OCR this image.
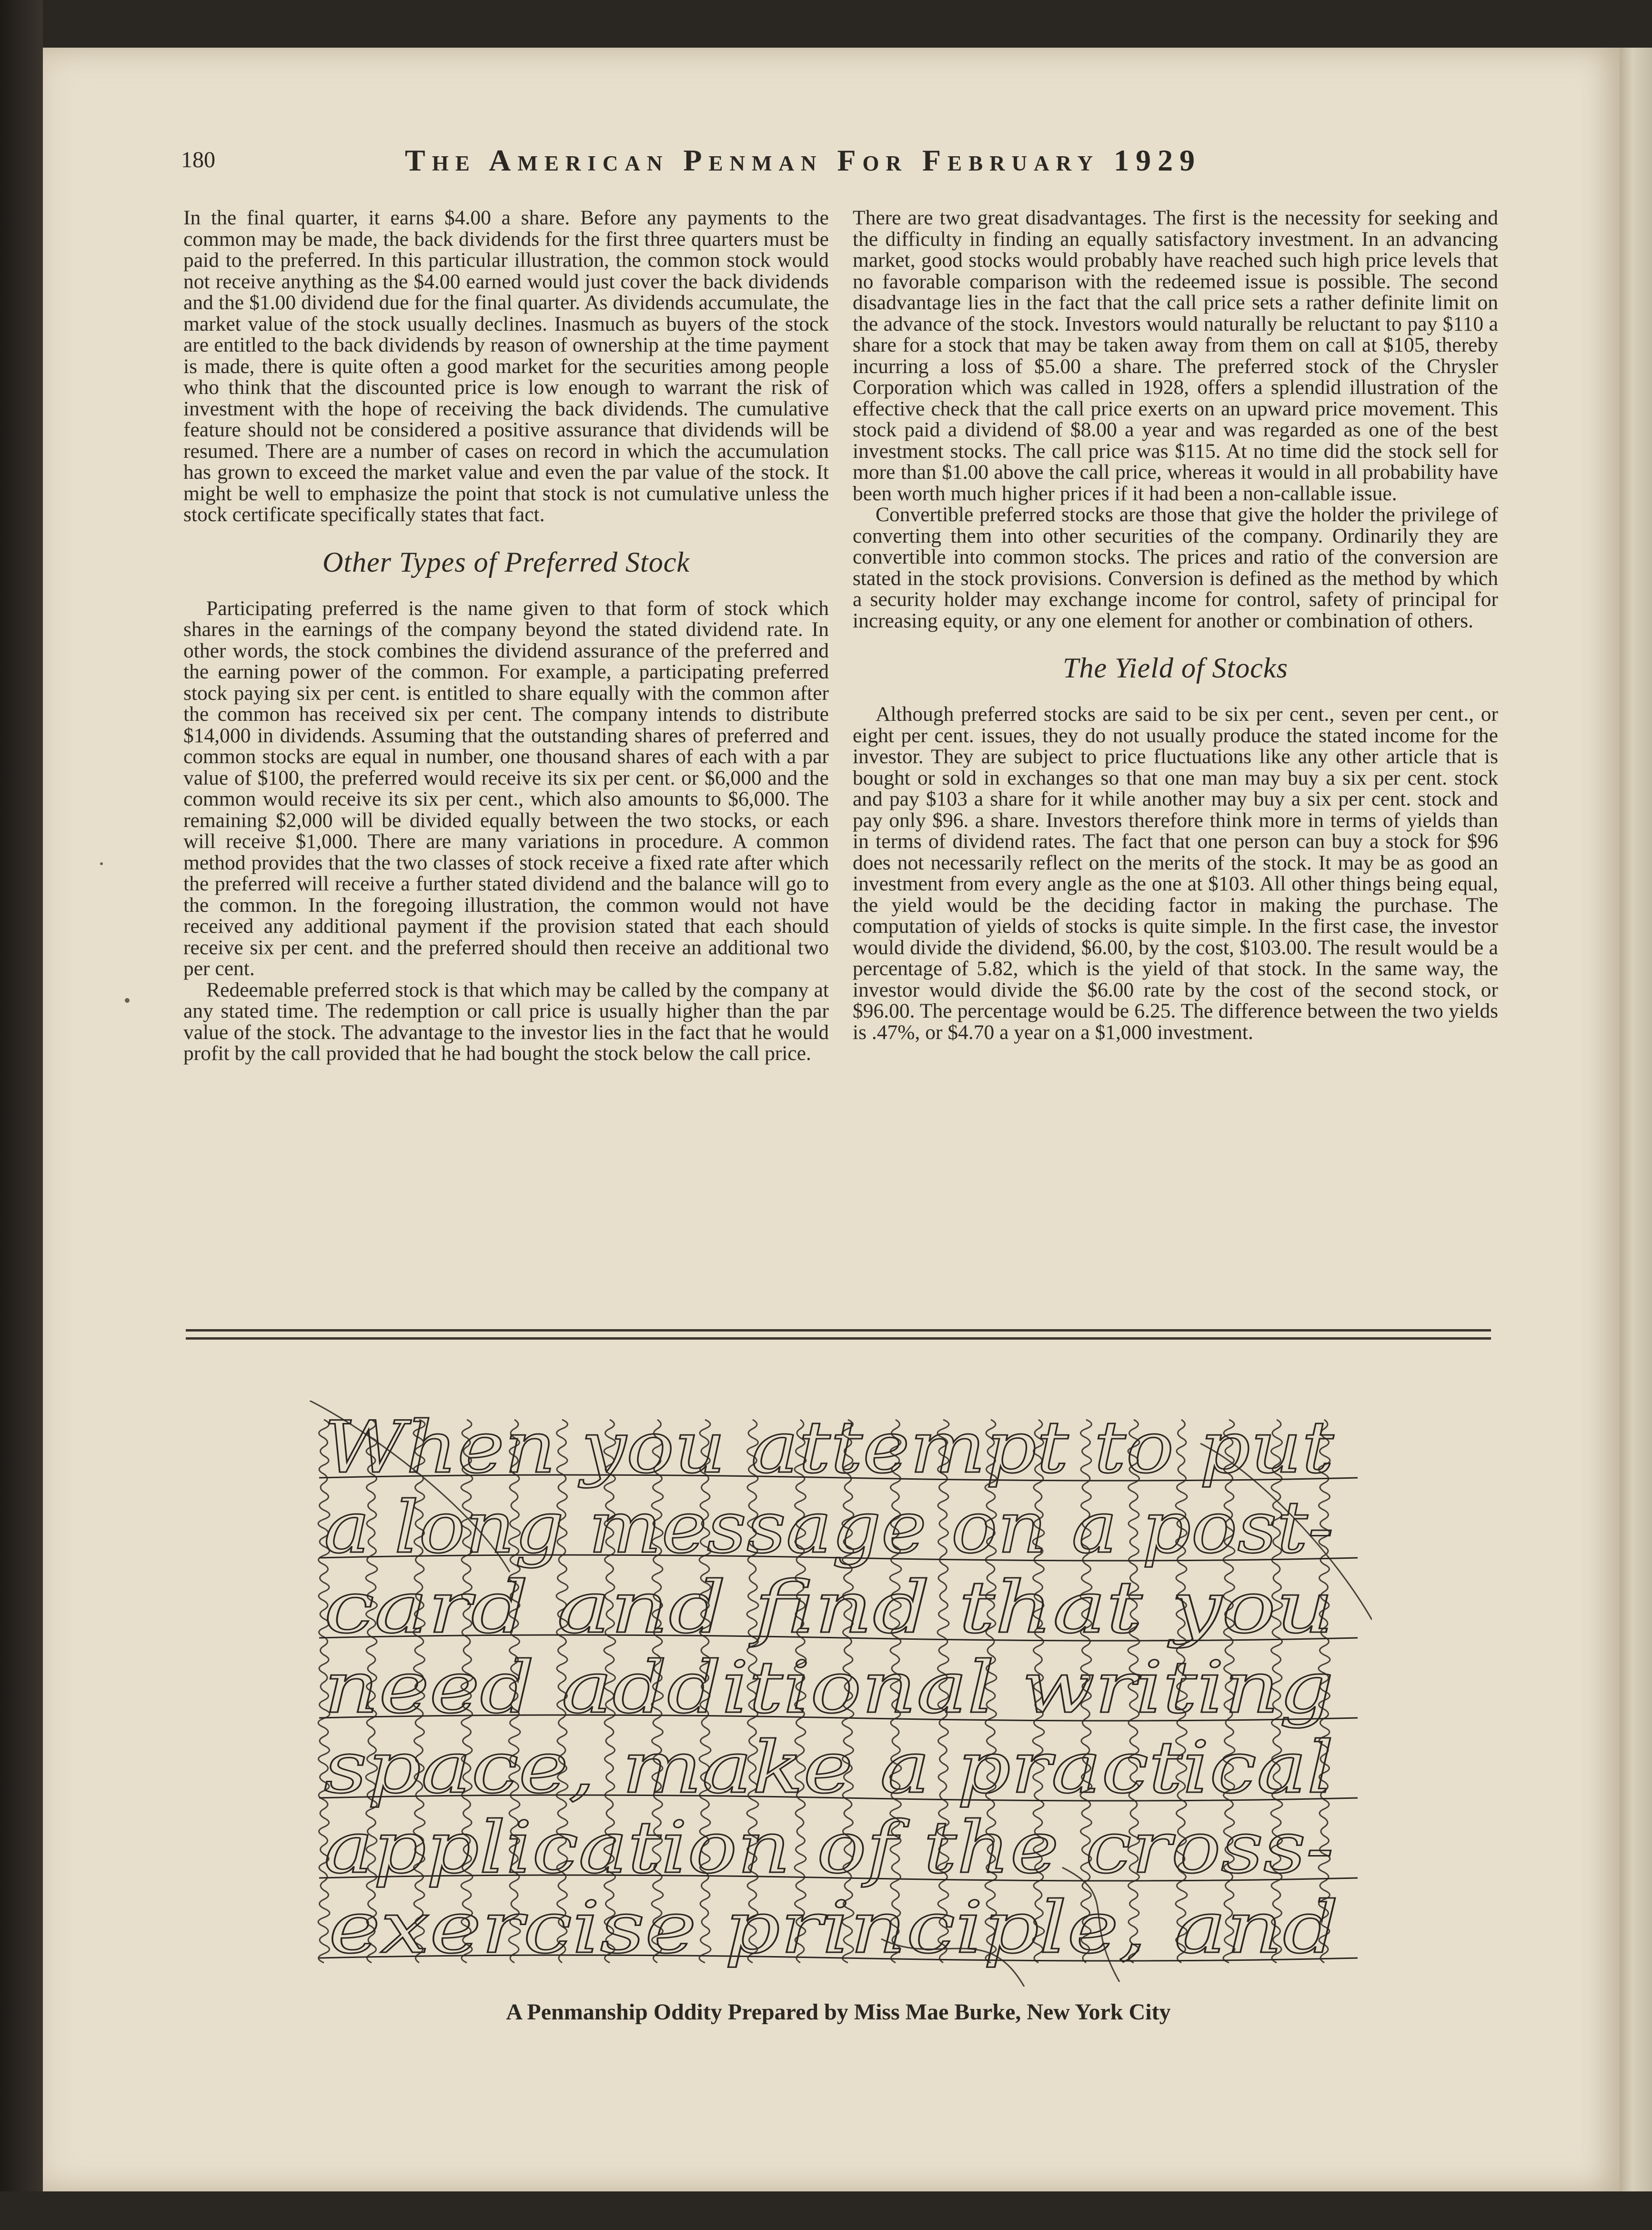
180	The American Penman For February 1929

In the final quarter, it earns $4.00 a share. Before any payments to the common may be made, the back dividends for the first three quarters must be paid to the preferred. In this particular illustration, the common stock would not receive anything as the $4.00 earned would just cover the back dividends and the $1.00 dividend due for the final quarter. As dividends accumulate, the market value of the stock usually declines. Inasmuch as buyers of the stock are entitled to the back dividends by reason of ownership at the time payment is made, there is quite often a good market for the securities among people who think that the discounted price is low enough to warrant the risk of investment with the hope of receiving the back dividends. The cumulative feature should not be considered a positive assurance that dividends will be resumed. There are a number of cases on record in which the accumulation has grown to exceed the market value and even the par value of the stock. It might be well to emphasize the point that stock is not cumulative unless the stock certificate specifically states that fact.

Other Types of Preferred Stock

Participating preferred is the name given to that form of stock which shares in the earnings of the company beyond the stated dividend rate. In other words, the stock combines the dividend assurance of the preferred and the earning power of the common. For example, a participating preferred stock paying six per cent. is entitled to share equally with the common after the common has received six per cent. The company intends to distribute $14,000 in dividends. Assuming that the outstanding shares of preferred and common stocks are equal in number, one thousand shares of each with a par value of $100, the preferred would receive its six per cent. or $6,000 and the common would receive its six per cent., which also amounts to $6,000. The remaining $2,000 will be divided equally between the two stocks, or each will receive $1,000. There are many variations in procedure. A common method provides that the two classes of stock receive a fixed rate after which the preferred will receive a further stated dividend and the balance will go to the common. In the foregoing illustration, the common would not have received any additional payment if the provision stated that each should receive six per cent. and the preferred should then receive an additional two per cent.

Redeemable preferred stock is that which may be called by the company at any stated time. The redemption or call price is usually higher than the par value of the stock. The advantage to the investor lies in the fact that he would profit by the call provided that he had bought the stock below the call price.

There are two great disadvantages. The first is the necessity for seeking and the difficulty in finding an equally satisfactory investment. In an advancing market, good stocks would probably have reached such high price levels that no favorable comparison with the redeemed issue is possible. The second disadvantage lies in the fact that the call price sets a rather definite limit on the advance of the stock. Investors would naturally be reluctant to pay $110 a share for a stock that may be taken away from them on call at $105, thereby incurring a loss of $5.00 a share. The preferred stock of the Chrysler Corporation which was called in 1928, offers a splendid illustration of the effective check that the call price exerts on an upward price movement. This stock paid a dividend of $8.00 a year and was regarded as one of the best investment stocks. The call price was $115. At no time did the stock sell for more than $1.00 above the call price, whereas it would in all probability have been worth much higher prices if it had been a non-callable issue.

Convertible preferred stocks are those that give the holder the privilege of converting them into other securities of the company. Ordinarily they are convertible into common stocks. The prices and ratio of the conversion are stated in the stock provisions. Conversion is defined as the method by which a security holder may exchange income for control, safety of principal for increasing equity, or any one element for another or combination of others.

The Yield of Stocks

Although preferred stocks are said to be six per cent., seven per cent., or eight per cent. issues, they do not usually produce the stated income for the investor. They are subject to price fluctuations like any other article that is bought or sold in exchanges so that one man may buy a six per cent. stock and pay $103 a share for it while another may buy a six per cent. stock and pay only $96. a share. Investors therefore think more in terms of yields than in terms of dividend rates. The fact that one person can buy a stock for $96 does not necessarily reflect on the merits of the stock. It may be as good an investment from every angle as the one at $103. All other things being equal, the yield would be the deciding factor in making the purchase. The computation of yields of stocks is quite simple. In the first case, the investor would divide the dividend, $6.00, by the cost, $103.00. The result would be a percentage of 5.82, which is the yield of that stock. In the same way, the investor would divide the $6.00 rate by the cost of the second stock, or $96.00. The percentage would be 6.25. The difference between the two yields is .47%, or $4.70 a year on a $1,000 investment.

When you attempt to put
a long message on a post-
card and find that you
need additional writing
space, make a practical
application of the cross-
exercise principle, and
A Penmanship Oddity Prepared by Miss Mae Burke, New York City
